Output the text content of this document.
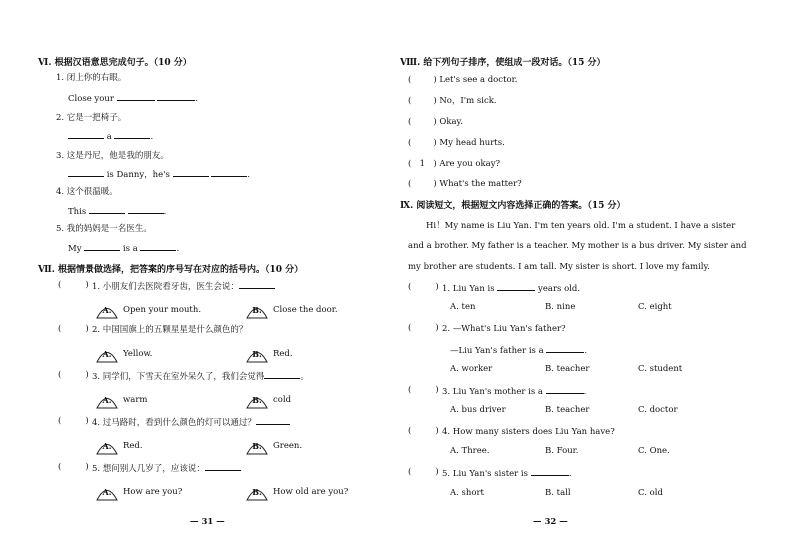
Ⅵ. 根据汉语意思完成句子。（10 分）
1. 闭上你的右眼。
Close your	.
2. 它是一把椅子。
a	.
3. 这是丹尼，他是我的朋友。
is Danny，he's	.
4. 这个很温暖。
This	.
5. 我的妈妈是一名医生。
My	is a	.
Ⅶ. 根据情景做选择，把答案的序号写在对应的括号内。（10 分）
(	) 1. 小朋友们去医院看牙齿，医生会说：
A.	Open your mouth.	B.	Close the door.
(	) 2. 中国国旗上的五颗星星是什么颜色的？
A.	Yellow.	B.	Red.
(	) 3. 同学们，下雪天在室外呆久了，我们会觉得	。
A.	warm	B.	cold
(	) 4. 过马路时，看到什么颜色的灯可以通过？
A.	Red.	B.	Green.
(	) 5. 想问别人几岁了，应该说：
A.	How are you?	B.	How old are you?
— 31 —
Ⅷ. 给下列句子排序，使组成一段对话。（15 分）
(	) Let's see a doctor.
(	) No，I'm sick.
(	) Okay.
(	) My head hurts.
( 1 ) Are you okay?
(	) What's the matter?
Ⅸ. 阅读短文，根据短文内容选择正确的答案。（15 分）
Hi！My name is Liu Yan. I'm ten years old. I'm a student. I have a sister
and a brother. My father is a teacher. My mother is a bus driver. My sister and
my brother are students. I am tall. My sister is short. I love my family.
(	) 1. Liu Yan is	years old.
A. ten	B. nine	C. eight
(	) 2. —What's Liu Yan's father?
—Liu Yan's father is a	.
A. worker	B. teacher	C. student
(	) 3. Liu Yan's mother is a	.
A. bus driver	B. teacher	C. doctor
(	) 4. How many sisters does Liu Yan have?
A. Three.	B. Four.	C. One.
(	) 5. Liu Yan's sister is	.
A. short	B. tall	C. old
— 32 —
